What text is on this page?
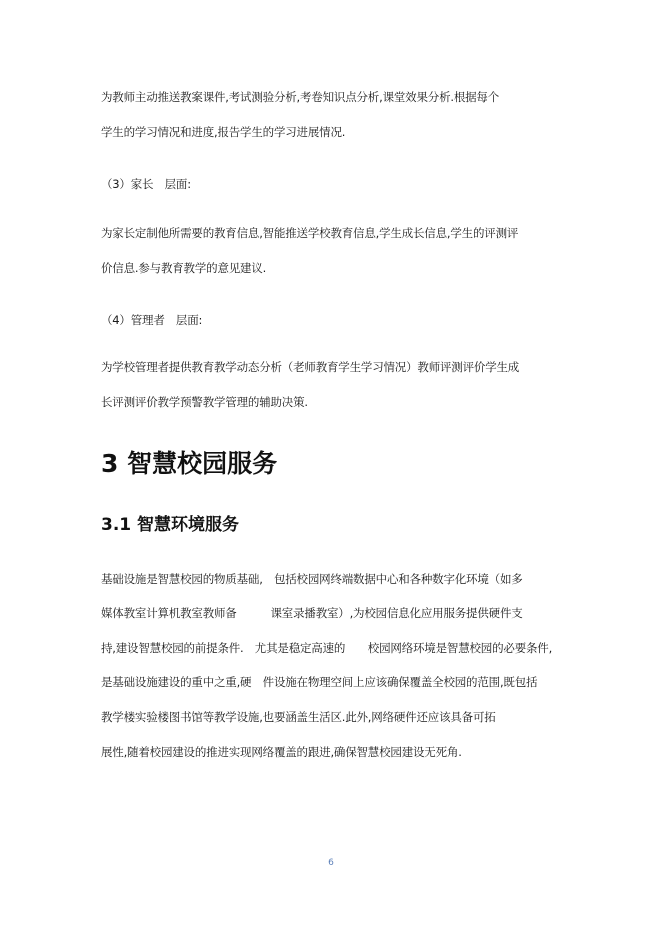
为教师主动推送教案课件,考试测验分析,考卷知识点分析,课堂效果分析.根据每个
学生的学习情况和进度,报告学生的学习进展情况.
（3）家长　层面:
为家长定制他所需要的教育信息,智能推送学校教育信息,学生成长信息,学生的评测评
价信息.参与教育教学的意见建议.
（4）管理者　层面:
为学校管理者提供教育教学动态分析（老师教育学生学习情况）教师评测评价学生成
长评测评价教学预警教学管理的辅助决策.
3 智慧校园服务
3.1 智慧环境服务
基础设施是智慧校园的物质基础,　包括校园网终端数据中心和各种数字化环境（如多
媒体教室计算机教室教师备　　　课室录播教室）,为校园信息化应用服务提供硬件支
持,建设智慧校园的前提条件.　尤其是稳定高速的　　校园网络环境是智慧校园的必要条件,
是基础设施建设的重中之重,硬　件设施在物理空间上应该确保覆盖全校园的范围,既包括
教学楼实验楼图书馆等教学设施,也要涵盖生活区.此外,网络硬件还应该具备可拓
展性,随着校园建设的推进实现网络覆盖的跟进,确保智慧校园建设无死角.
6
